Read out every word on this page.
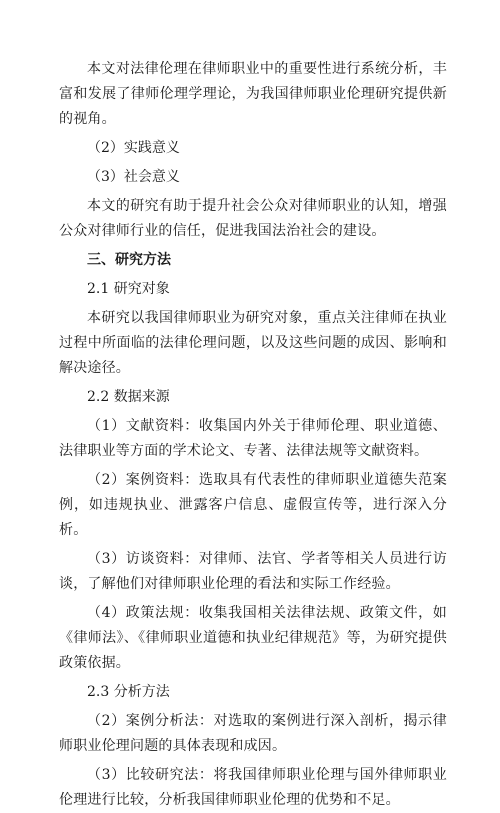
本文对法律伦理在律师职业中的重要性进行系统分析，丰富和发展了律师伦理学理论，为我国律师职业伦理研究提供新的视角。

（2）实践意义

（3）社会意义

本文的研究有助于提升社会公众对律师职业的认知，增强公众对律师行业的信任，促进我国法治社会的建设。

三、研究方法

2.1 研究对象

本研究以我国律师职业为研究对象，重点关注律师在执业过程中所面临的法律伦理问题，以及这些问题的成因、影响和解决途径。

2.2 数据来源

（1）文献资料：收集国内外关于律师伦理、职业道德、法律职业等方面的学术论文、专著、法律法规等文献资料。

（2）案例资料：选取具有代表性的律师职业道德失范案例，如违规执业、泄露客户信息、虚假宣传等，进行深入分析。

（3）访谈资料：对律师、法官、学者等相关人员进行访谈，了解他们对律师职业伦理的看法和实际工作经验。

（4）政策法规：收集我国相关法律法规、政策文件，如《律师法》、《律师职业道德和执业纪律规范》等，为研究提供政策依据。

2.3 分析方法

（2）案例分析法：对选取的案例进行深入剖析，揭示律师职业伦理问题的具体表现和成因。

（3）比较研究法：将我国律师职业伦理与国外律师职业伦理进行比较，分析我国律师职业伦理的优势和不足。
